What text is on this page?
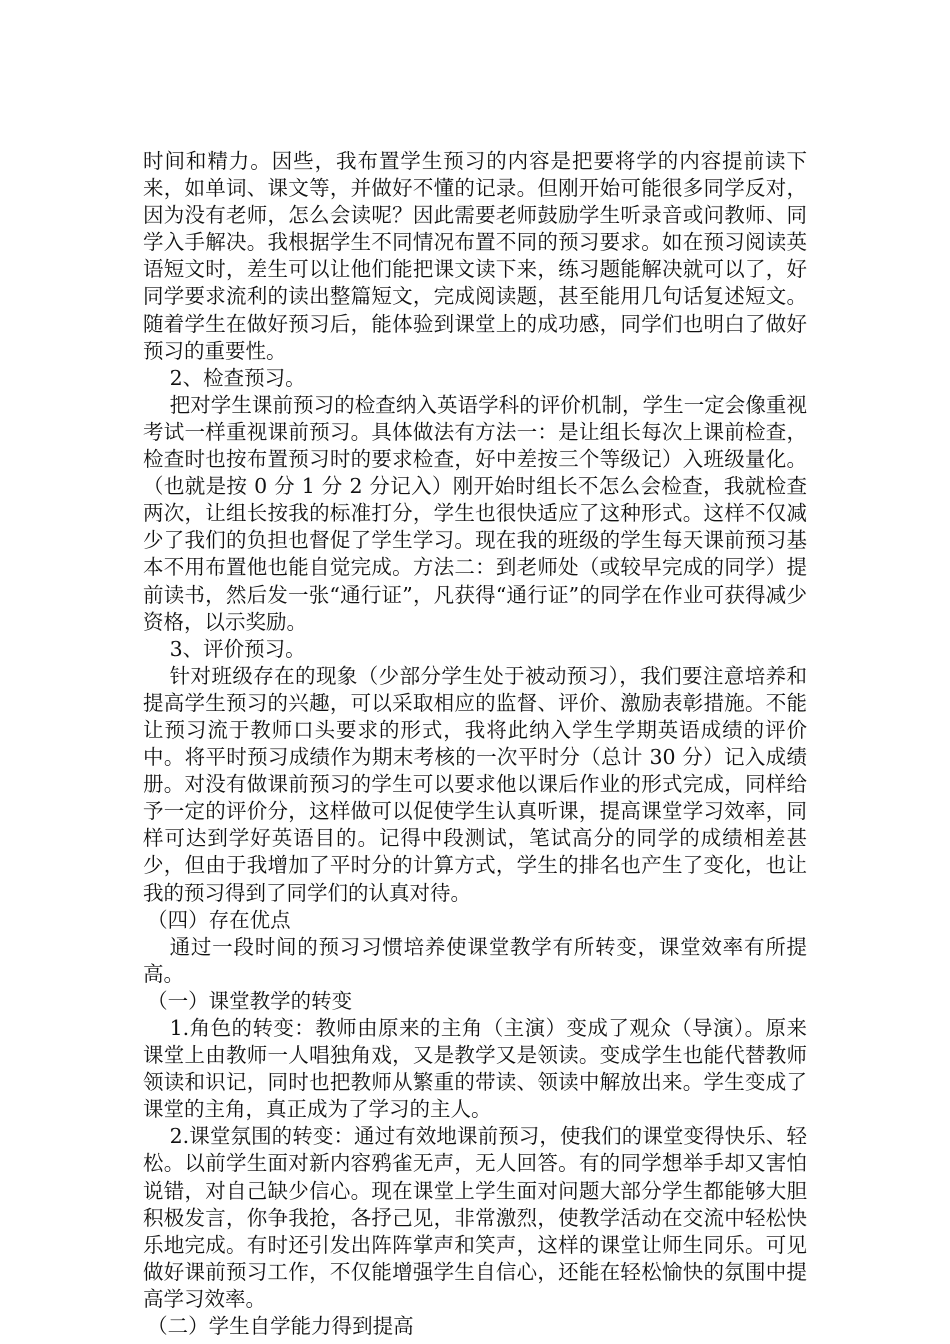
时间和精力。因些，我布置学生预习的内容是把要将学的内容提前读下来，如单词、课文等，并做好不懂的记录。但刚开始可能很多同学反对，因为没有老师，怎么会读呢？因此需要老师鼓励学生听录音或问教师、同学入手解决。我根据学生不同情况布置不同的预习要求。如在预习阅读英语短文时，差生可以让他们能把课文读下来，练习题能解决就可以了，好同学要求流利的读出整篇短文，完成阅读题，甚至能用几句话复述短文。随着学生在做好预习后，能体验到课堂上的成功感，同学们也明白了做好预习的重要性。

2、检查预习。

把对学生课前预习的检查纳入英语学科的评价机制，学生一定会像重视考试一样重视课前预习。具体做法有方法一：是让组长每次上课前检查，检查时也按布置预习时的要求检查，好中差按三个等级记）入班级量化。（也就是按 0 分 1 分 2 分记入）刚开始时组长不怎么会检查，我就检查两次，让组长按我的标准打分，学生也很快适应了这种形式。这样不仅减少了我们的负担也督促了学生学习。现在我的班级的学生每天课前预习基本不用布置他也能自觉完成。方法二：到老师处（或较早完成的同学）提前读书，然后发一张“通行证”，凡获得“通行证”的同学在作业可获得减少资格，以示奖励。

3、评价预习。

针对班级存在的现象（少部分学生处于被动预习），我们要注意培养和提高学生预习的兴趣，可以采取相应的监督、评价、激励表彰措施。不能让预习流于教师口头要求的形式，我将此纳入学生学期英语成绩的评价中。将平时预习成绩作为期末考核的一次平时分（总计 30 分）记入成绩册。对没有做课前预习的学生可以要求他以课后作业的形式完成，同样给予一定的评价分，这样做可以促使学生认真听课，提高课堂学习效率，同样可达到学好英语目的。记得中段测试，笔试高分的同学的成绩相差甚少，但由于我增加了平时分的计算方式，学生的排名也产生了变化，也让我的预习得到了同学们的认真对待。

（四）存在优点

通过一段时间的预习习惯培养使课堂教学有所转变，课堂效率有所提高。

（一）课堂教学的转变

1.角色的转变：教师由原来的主角（主演）变成了观众（导演）。原来课堂上由教师一人唱独角戏，又是教学又是领读。变成学生也能代替教师领读和识记，同时也把教师从繁重的带读、领读中解放出来。学生变成了课堂的主角，真正成为了学习的主人。

2.课堂氛围的转变：通过有效地课前预习，使我们的课堂变得快乐、轻松。以前学生面对新内容鸦雀无声，无人回答。有的同学想举手却又害怕说错，对自己缺少信心。现在课堂上学生面对问题大部分学生都能够大胆积极发言，你争我抢，各抒己见，非常激烈，使教学活动在交流中轻松快乐地完成。有时还引发出阵阵掌声和笑声，这样的课堂让师生同乐。可见做好课前预习工作，不仅能增强学生自信心，还能在轻松愉快的氛围中提高学习效率。

（二）学生自学能力得到提高
